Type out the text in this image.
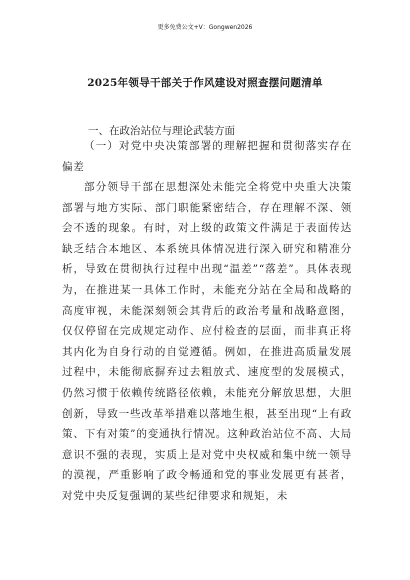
更多免费公文+V：Gongwen2026
2025年领导干部关于作风建设对照查摆问题清单
一、在政治站位与理论武装方面

（一）对党中央决策部署的理解把握和贯彻落实存在偏差

部分领导干部在思想深处未能完全将党中央重大决策部署与地方实际、部门职能紧密结合，存在理解不深、领会不透的现象。有时，对上级的政策文件满足于表面传达缺乏结合本地区、本系统具体情况进行深入研究和精准分析，导致在贯彻执行过程中出现“温差”“落差”。具体表现为，在推进某一具体工作时，未能充分站在全局和战略的高度审视，未能深刻领会其背后的政治考量和战略意图，仅仅停留在完成规定动作、应付检查的层面，而非真正将其内化为自身行动的自觉遵循。例如，在推进高质量发展过程中，未能彻底摒弃过去粗放式、速度型的发展模式，仍然习惯于依赖传统路径依赖，未能充分解放思想，大胆创新，导致一些改革举措难以落地生根，甚至出现“上有政策、下有对策”的变通执行情况。这种政治站位不高、大局意识不强的表现，实质上是对党中央权威和集中统一领导的漠视，严重影响了政令畅通和党的事业发展更有甚者，对党中央反复强调的某些纪律要求和规矩，未
